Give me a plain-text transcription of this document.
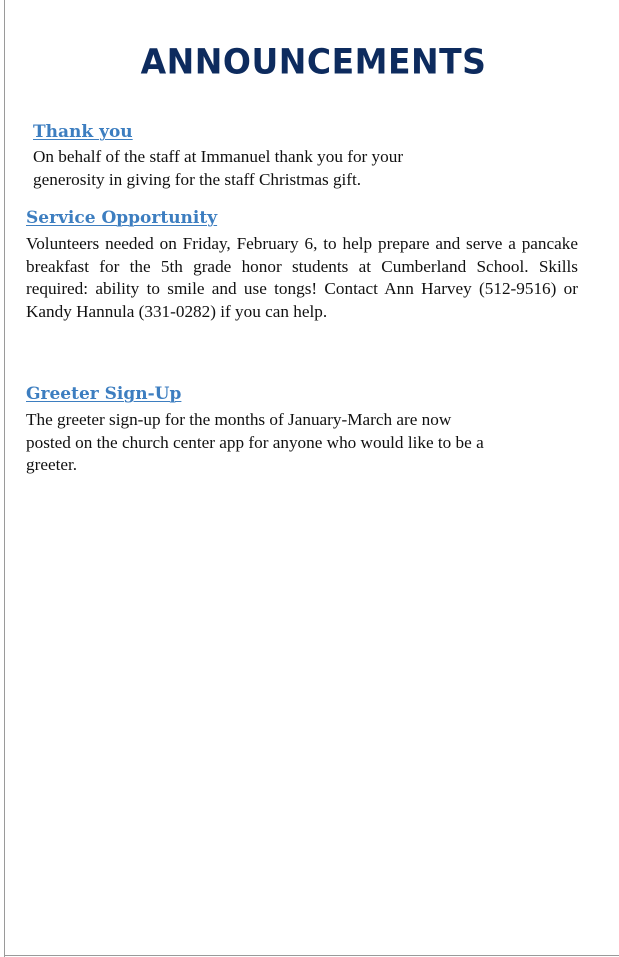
ANNOUNCEMENTS
Thank you
On behalf of the staff at Immanuel thank you for your
generosity in giving for the staff Christmas gift.
Service Opportunity
Volunteers needed on Friday, February 6, to help prepare and serve a pancake breakfast for the 5th grade honor students at Cumberland School. Skills required: ability to smile and use tongs! Contact Ann Harvey (512-9516) or Kandy Hannula (331-0282) if you can help.
Greeter Sign-Up
The greeter sign-up for the months of January-March are now
posted on the church center app for anyone who would like to be a
greeter.
